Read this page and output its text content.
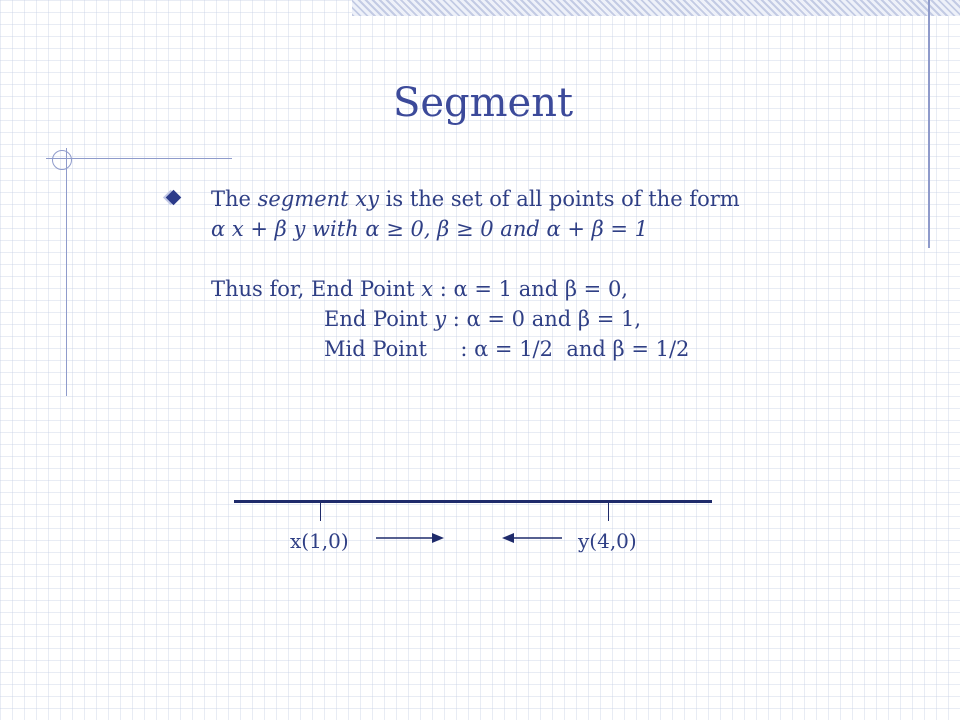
Segment
The segment xy is the set of all points of the form
α x + β y with α ≥ 0, β ≥ 0 and α + β = 1
Thus for, End Point x : α = 1 and β = 0,
End Point y : α = 0 and β = 1,
Mid Point     : α = 1/2  and β = 1/2
x(1,0)	y(4,0)
